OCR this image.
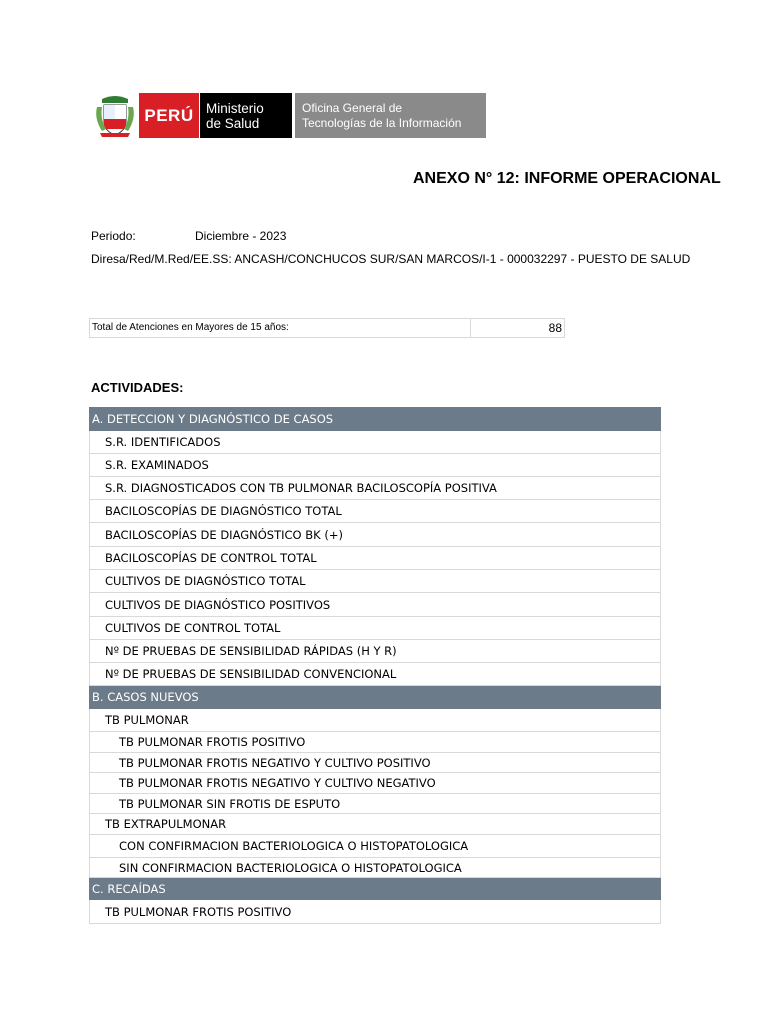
PERÚ Ministerio
de Salud
Oficina General de
Tecnologías de la Información
ANEXO N° 12: INFORME OPERACIONAL
Periodo:	Diciembre - 2023
Diresa/Red/M.Red/EE.SS: ANCASH/CONCHUCOS SUR/SAN MARCOS/I-1 - 000032297 - PUESTO DE SALUD
Total de Atenciones en Mayores de 15 años:	88
ACTIVIDADES:
A. DETECCION Y DIAGNÓSTICO DE CASOS
S.R. IDENTIFICADOS
S.R. EXAMINADOS
S.R. DIAGNOSTICADOS CON TB PULMONAR BACILOSCOPÍA POSITIVA
BACILOSCOPÍAS DE DIAGNÓSTICO TOTAL
BACILOSCOPÍAS DE DIAGNÓSTICO BK (+)
BACILOSCOPÍAS DE CONTROL TOTAL
CULTIVOS DE DIAGNÓSTICO TOTAL
CULTIVOS DE DIAGNÓSTICO POSITIVOS
CULTIVOS DE CONTROL TOTAL
Nº DE PRUEBAS DE SENSIBILIDAD RÁPIDAS (H Y R)
Nº DE PRUEBAS DE SENSIBILIDAD CONVENCIONAL
B. CASOS NUEVOS
TB PULMONAR
TB PULMONAR FROTIS POSITIVO
TB PULMONAR FROTIS NEGATIVO Y CULTIVO POSITIVO
TB PULMONAR FROTIS NEGATIVO Y CULTIVO NEGATIVO
TB PULMONAR SIN FROTIS DE ESPUTO
TB EXTRAPULMONAR
CON CONFIRMACION BACTERIOLOGICA O HISTOPATOLOGICA
SIN CONFIRMACION BACTERIOLOGICA O HISTOPATOLOGICA
C. RECAÍDAS
TB PULMONAR FROTIS POSITIVO
